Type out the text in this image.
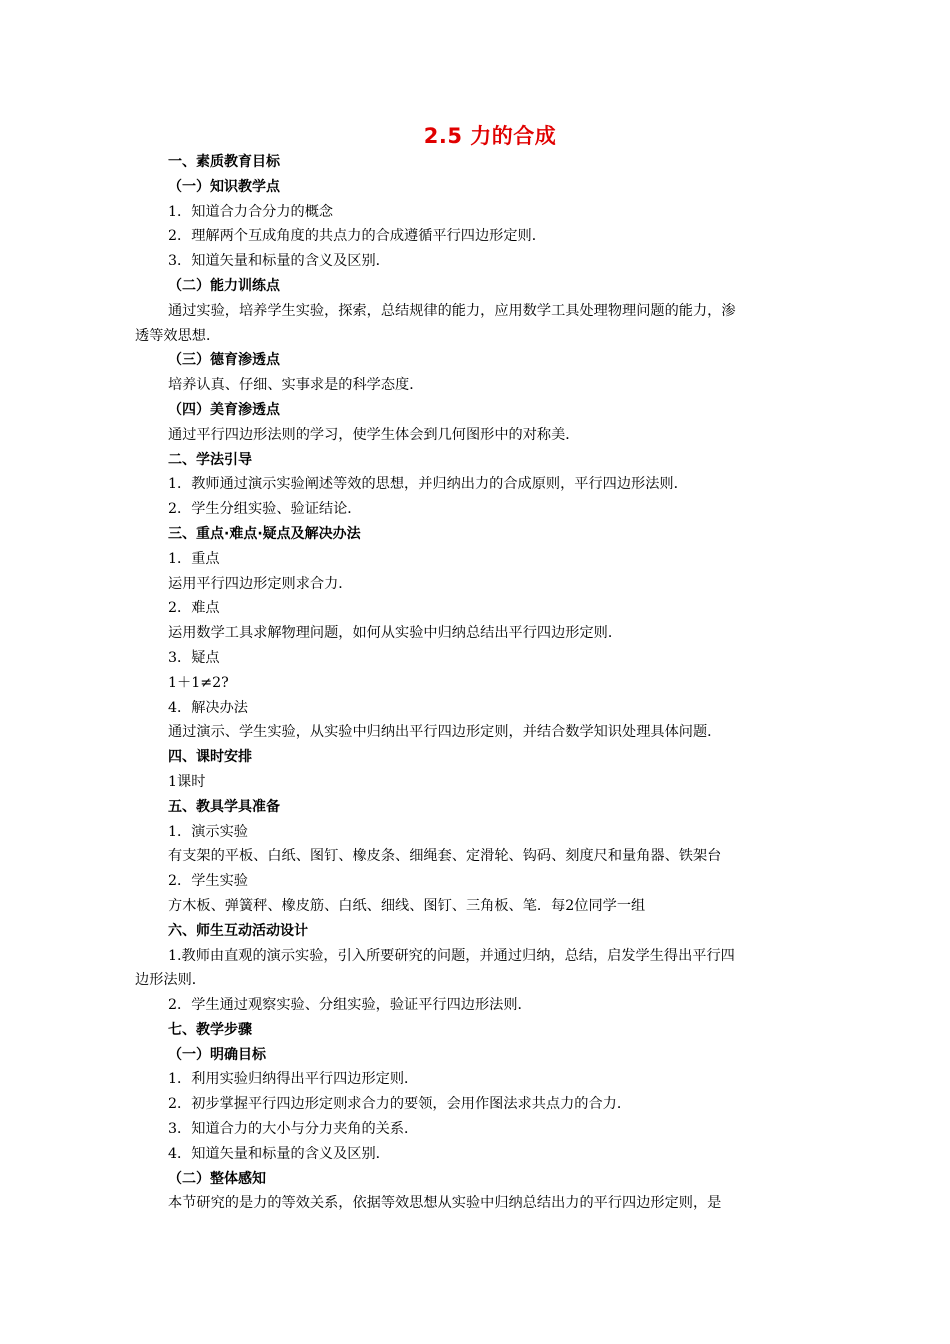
2.5 力的合成

一、素质教育目标

（一）知识教学点

1．知道合力合分力的概念

2．理解两个互成角度的共点力的合成遵循平行四边形定则．

3．知道矢量和标量的含义及区别．

（二）能力训练点

通过实验，培养学生实验，探索，总结规律的能力，应用数学工具处理物理问题的能力，渗

透等效思想．

（三）德育渗透点

培养认真、仔细、实事求是的科学态度．

（四）美育渗透点

通过平行四边形法则的学习，使学生体会到几何图形中的对称美．

二、学法引导

1．教师通过演示实验阐述等效的思想，并归纳出力的合成原则，平行四边形法则．

2．学生分组实验、验证结论．

三、重点·难点·疑点及解决办法

1．重点

运用平行四边形定则求合力．

2．难点

运用数学工具求解物理问题，如何从实验中归纳总结出平行四边形定则．

3．疑点

1＋1≠2?

4．解决办法

通过演示、学生实验，从实验中归纳出平行四边形定则，并结合数学知识处理具体问题．

四、课时安排

1课时

五、教具学具准备

1．演示实验

有支架的平板、白纸、图钉、橡皮条、细绳套、定滑轮、钩码、刻度尺和量角器、铁架台

2．学生实验

方木板、弹簧秤、橡皮筋、白纸、细线、图钉、三角板、笔．每2位同学一组

六、师生互动活动设计

1.教师由直观的演示实验，引入所要研究的问题，并通过归纳，总结，启发学生得出平行四

边形法则．

2．学生通过观察实验、分组实验，验证平行四边形法则．

七、教学步骤

（一）明确目标

1．利用实验归纳得出平行四边形定则．

2．初步掌握平行四边形定则求合力的要领，会用作图法求共点力的合力．

3．知道合力的大小与分力夹角的关系．

4．知道矢量和标量的含义及区别．

（二）整体感知

本节研究的是力的等效关系，依据等效思想从实验中归纳总结出力的平行四边形定则，是
